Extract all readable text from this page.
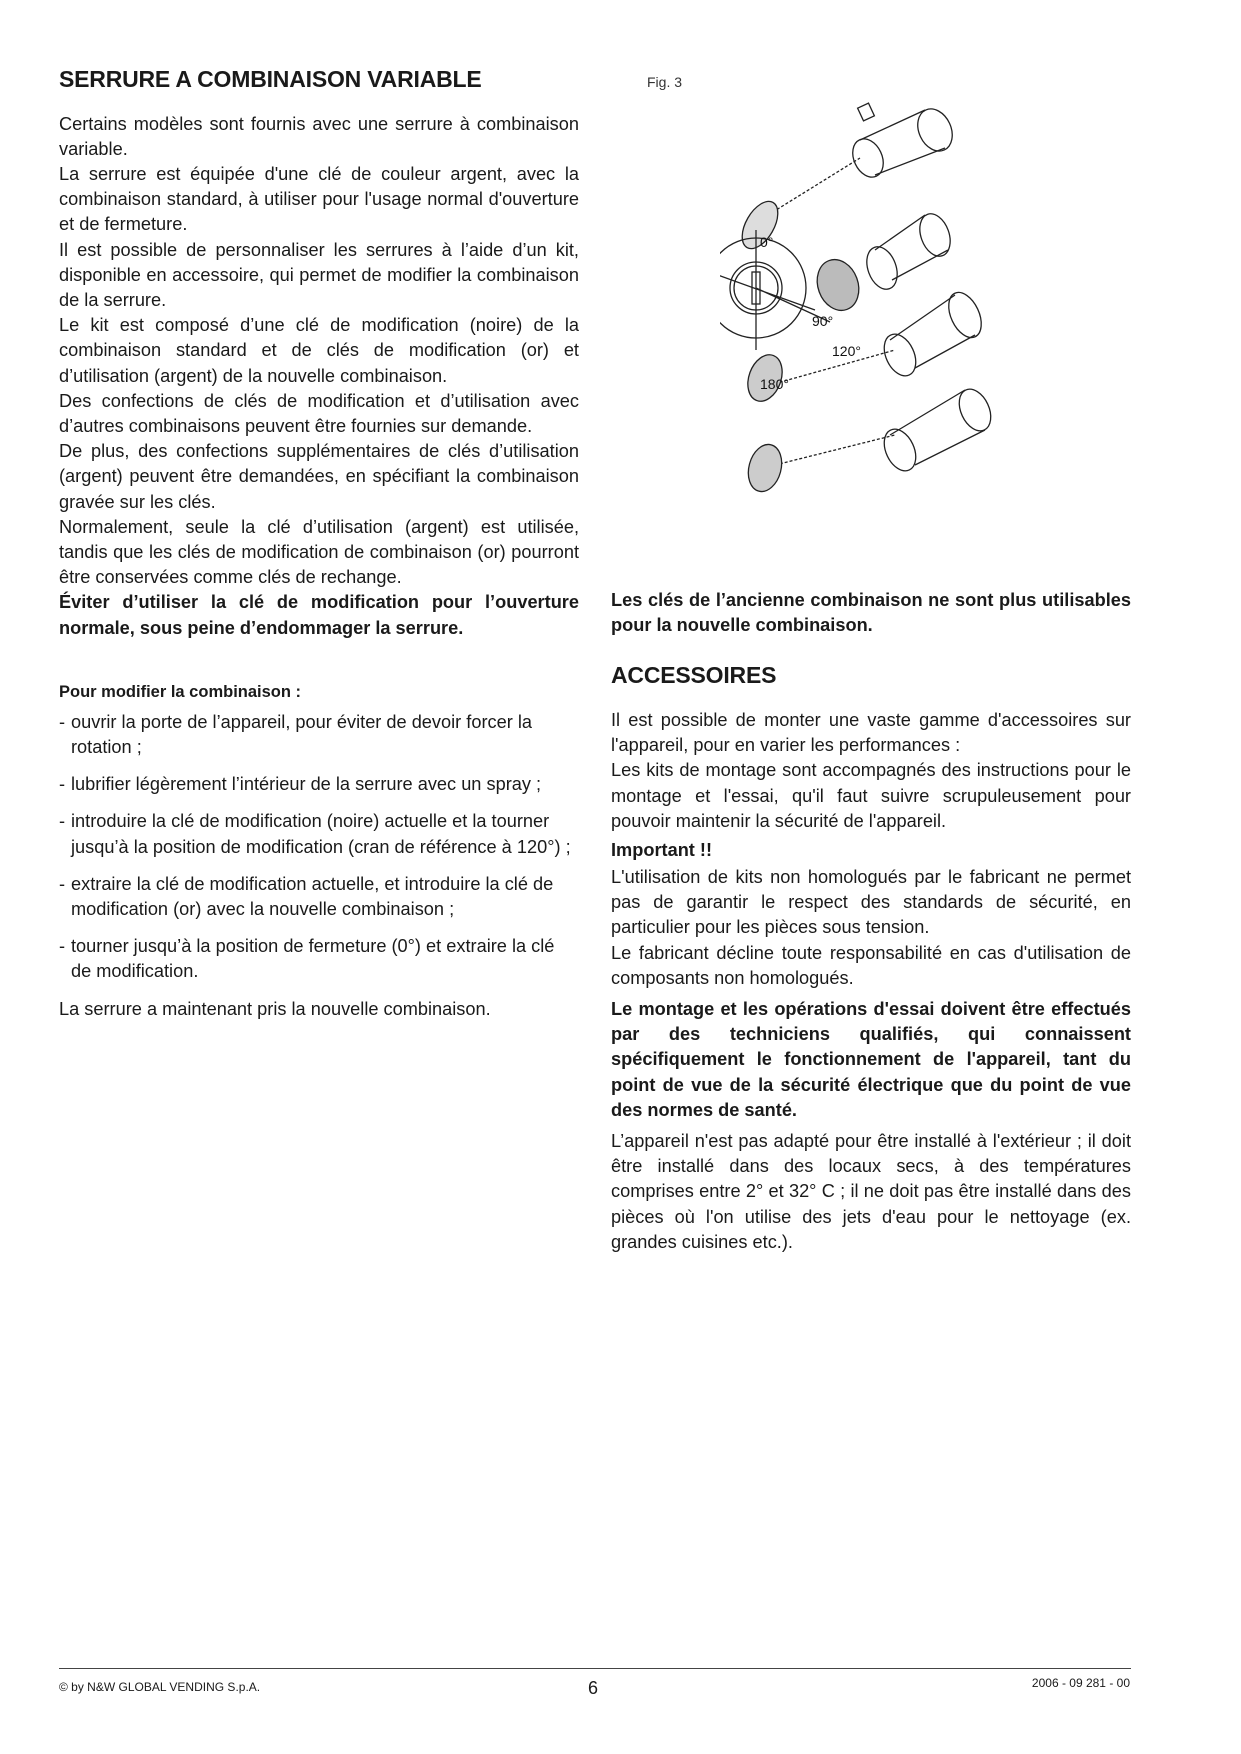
SERRURE A COMBINAISON VARIABLE

Certains modèles sont fournis avec une serrure à combinaison variable.

La serrure est équipée d'une clé de couleur argent, avec la combinaison standard, à utiliser pour l'usage normal d'ouverture et de fermeture.

Il est possible de personnaliser les serrures à l’aide d’un kit, disponible en accessoire, qui permet de modifier la combinaison de la serrure.

Le kit est composé d’une clé de modification (noire) de la combinaison standard et de clés de modification (or) et d’utilisation (argent) de la nouvelle combinaison.

Des confections de clés de modification et d’utilisation avec d’autres combinaisons peuvent être fournies sur demande.

De plus, des confections supplémentaires de clés d’utilisation (argent) peuvent être demandées, en spécifiant la combinaison gravée sur les clés.

Normalement, seule la clé d’utilisation (argent) est utilisée, tandis que les clés de modification de combinaison (or) pourront être conservées comme clés de rechange.

Éviter d’utiliser la clé de modification pour l’ouverture normale, sous peine d’endommager la serrure.

Pour modifier la combinaison :
- ouvrir la porte de l’appareil, pour éviter de devoir forcer la rotation ;
- lubrifier légèrement l’intérieur de la serrure avec un spray ;
- introduire la clé de modification (noire) actuelle et la tourner jusqu’à la position de modification (cran de référence à 120°) ;
- extraire la clé de modification actuelle, et introduire la clé de modification (or) avec la nouvelle combinaison ;
- tourner jusqu’à la position de fermeture (0°) et extraire la clé de modification.

La serrure a maintenant pris la nouvelle combinaison.

Fig. 3
0°
90°
120°
180°

Les clés de l’ancienne combinaison ne sont plus utilisables pour la nouvelle combinaison.

ACCESSOIRES

Il est possible de monter une vaste gamme d'accessoires sur l'appareil, pour en varier les performances :

Les kits de montage sont accompagnés des instructions pour le montage et l'essai, qu'il faut suivre scrupuleusement pour pouvoir maintenir la sécurité de l'appareil.

Important !!

L'utilisation de kits non homologués par le fabricant ne permet pas de garantir le respect des standards de sécurité, en particulier pour les pièces sous tension.

Le fabricant décline toute responsabilité en cas d'utilisation de composants non homologués.

Le montage et les opérations d'essai doivent être effectués par des techniciens qualifiés, qui connaissent spécifiquement le fonctionnement de l'appareil, tant du point de vue de la sécurité électrique que du point de vue des normes de santé.

L’appareil n'est pas adapté pour être installé à l'extérieur ; il doit être installé dans des locaux secs, à des températures comprises entre 2° et 32° C ; il ne doit pas être installé dans des pièces où l'on utilise des jets d'eau pour le nettoyage (ex. grandes cuisines etc.).

© by N&W GLOBAL VENDING S.p.A.	6	2006 - 09 281 - 00
